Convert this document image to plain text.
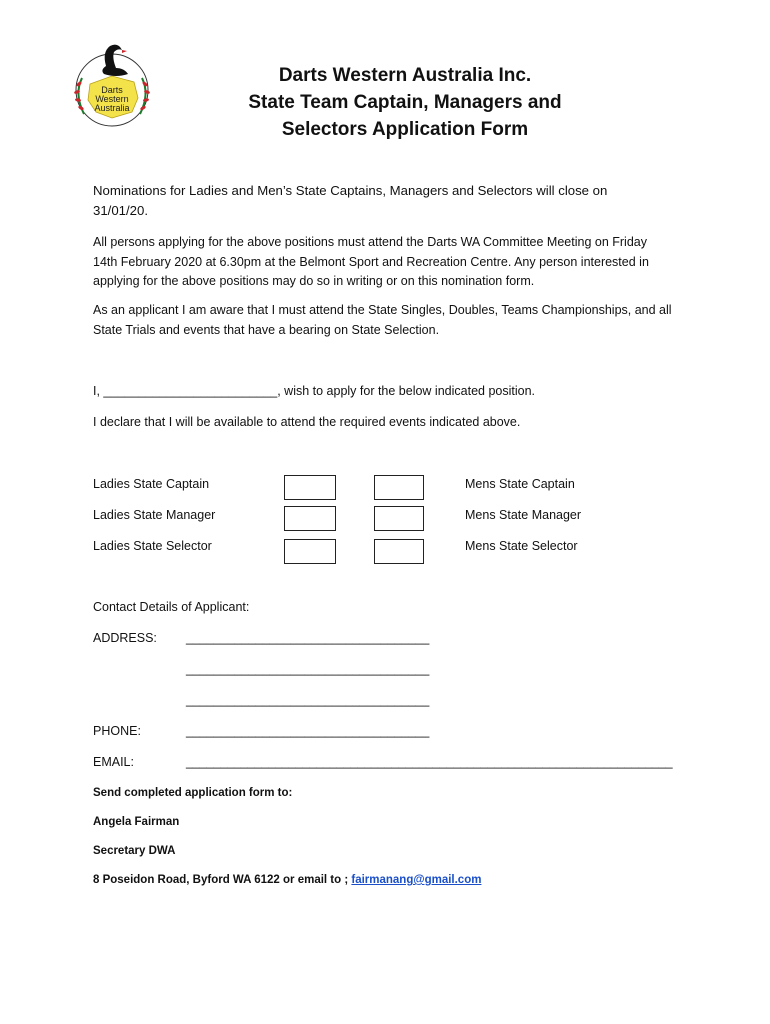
Darts
Western
Australia
Darts Western Australia Inc.
State Team Captain, Managers and
Selectors Application Form
Nominations for Ladies and Men’s State Captains, Managers and Selectors will close on 31/01/20.
All persons applying for the above positions must attend the Darts WA Committee Meeting on Friday 14th February 2020 at 6.30pm at the Belmont Sport and Recreation Centre. Any person interested in applying for the above positions may do so in writing or on this nomination form.
As an applicant I am aware that I must attend the State Singles, Doubles, Teams Championships, and all State Trials and events that have a bearing on State Selection.
I, _________________________, wish to apply for the below indicated position.
I declare that I will be available to attend the required events indicated above.
Ladies State Captain
Ladies State Manager
Ladies State Selector
Mens State Captain
Mens State Manager
Mens State Selector
Contact Details of Applicant:
ADDRESS: ___________________________________
___________________________________
___________________________________
PHONE:	___________________________________
EMAIL:	_______________________________________________________________________
Send completed application form to:
Angela Fairman
Secretary DWA
8 Poseidon Road, Byford WA 6122 or email to ; fairmanang@gmail.com
